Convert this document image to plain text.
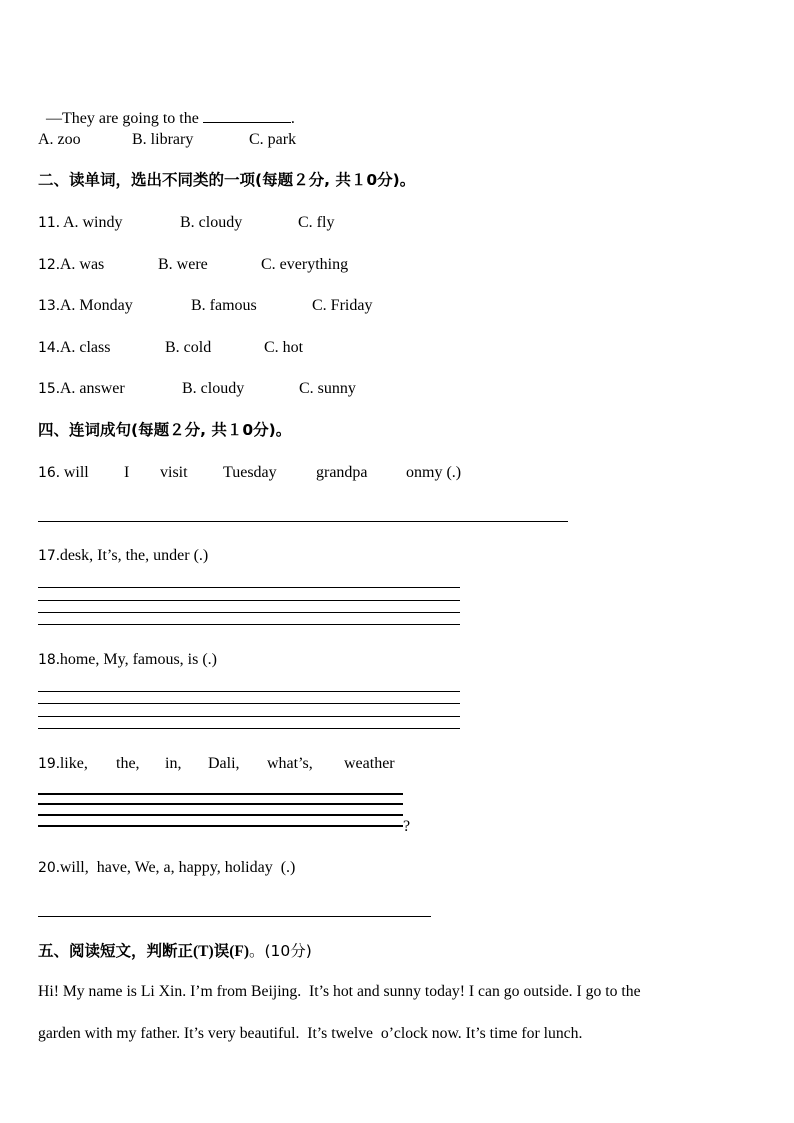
—They are going to the	.

A. zoo	B. library	C. park
二、读单词，选出不同类的一项(每题２分, 共１0分)。
11. A. windy	B. cloudy	C. fly
12.A. was	B. were	C. everything
13.A. Monday	B. famous	C. Friday
14.A. class	B. cold	C. hot
15.A. answer	B. cloudy	C. sunny
四、连词成句(每题２分, 共１0分)。
16. will I visit Tuesday grandpa onmy (.)
17.desk, It’s, the, under (.)
18.home, My, famous, is (.)
19.like, the, in, Dali, what’s, weather
?
20.will,  have, We, a, happy, holiday  (.)
五、阅读短文，判断正(T)误(F)。(10分)
Hi! My name is Li Xin. I’m from Beijing.  It’s hot and sunny today! I can go outside. I go to the
garden with my father. It’s very beautiful.  It’s twelve  o’clock now. It’s time for lunch.
